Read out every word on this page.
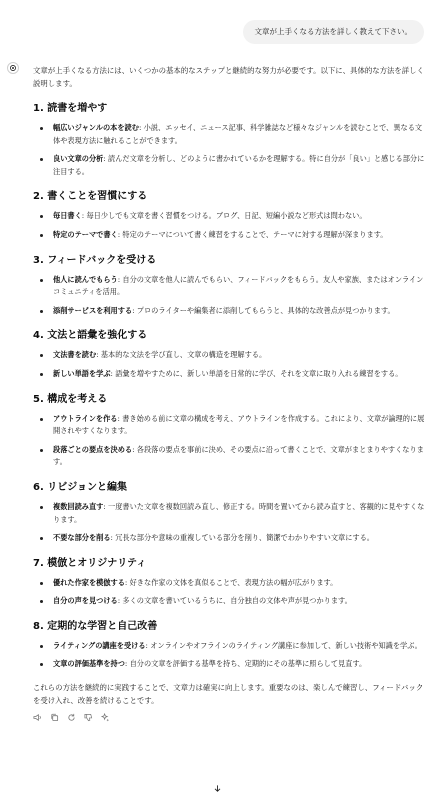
文章が上手くなる方法を詳しく教えて下さい。
文章が上手くなる方法には、いくつかの基本的なステップと継続的な努力が必要です。以下に、具体的な方法を詳しく説明します。
1. 読書を増やす
幅広いジャンルの本を読む: 小説、エッセイ、ニュース記事、科学雑誌など様々なジャンルを読むことで、異なる文体や表現方法に触れることができます。
良い文章の分析: 読んだ文章を分析し、どのように書かれているかを理解する。特に自分が「良い」と感じる部分に注目する。
2. 書くことを習慣にする
毎日書く: 毎日少しでも文章を書く習慣をつける。ブログ、日記、短編小説など形式は問わない。
特定のテーマで書く: 特定のテーマについて書く練習をすることで、テーマに対する理解が深まります。
3. フィードバックを受ける
他人に読んでもらう: 自分の文章を他人に読んでもらい、フィードバックをもらう。友人や家族、またはオンラインコミュニティを活用。
添削サービスを利用する: プロのライターや編集者に添削してもらうと、具体的な改善点が見つかります。
4. 文法と語彙を強化する
文法書を読む: 基本的な文法を学び直し、文章の構造を理解する。
新しい単語を学ぶ: 語彙を増やすために、新しい単語を日常的に学び、それを文章に取り入れる練習をする。
5. 構成を考える
アウトラインを作る: 書き始める前に文章の構成を考え、アウトラインを作成する。これにより、文章が論理的に展開されやすくなります。
段落ごとの要点を決める: 各段落の要点を事前に決め、その要点に沿って書くことで、文章がまとまりやすくなります。
6. リビジョンと編集
複数回読み直す: 一度書いた文章を複数回読み直し、修正する。時間を置いてから読み直すと、客観的に見やすくなります。
不要な部分を削る: 冗長な部分や意味の重複している部分を削り、簡潔でわかりやすい文章にする。
7. 模倣とオリジナリティ
優れた作家を模倣する: 好きな作家の文体を真似ることで、表現方法の幅が広がります。
自分の声を見つける: 多くの文章を書いているうちに、自分独自の文体や声が見つかります。
8. 定期的な学習と自己改善
ライティングの講座を受ける: オンラインやオフラインのライティング講座に参加して、新しい技術や知識を学ぶ。
文章の評価基準を持つ: 自分の文章を評価する基準を持ち、定期的にその基準に照らして見直す。
これらの方法を継続的に実践することで、文章力は確実に向上します。重要なのは、楽しんで練習し、フィードバックを受け入れ、改善を続けることです。
